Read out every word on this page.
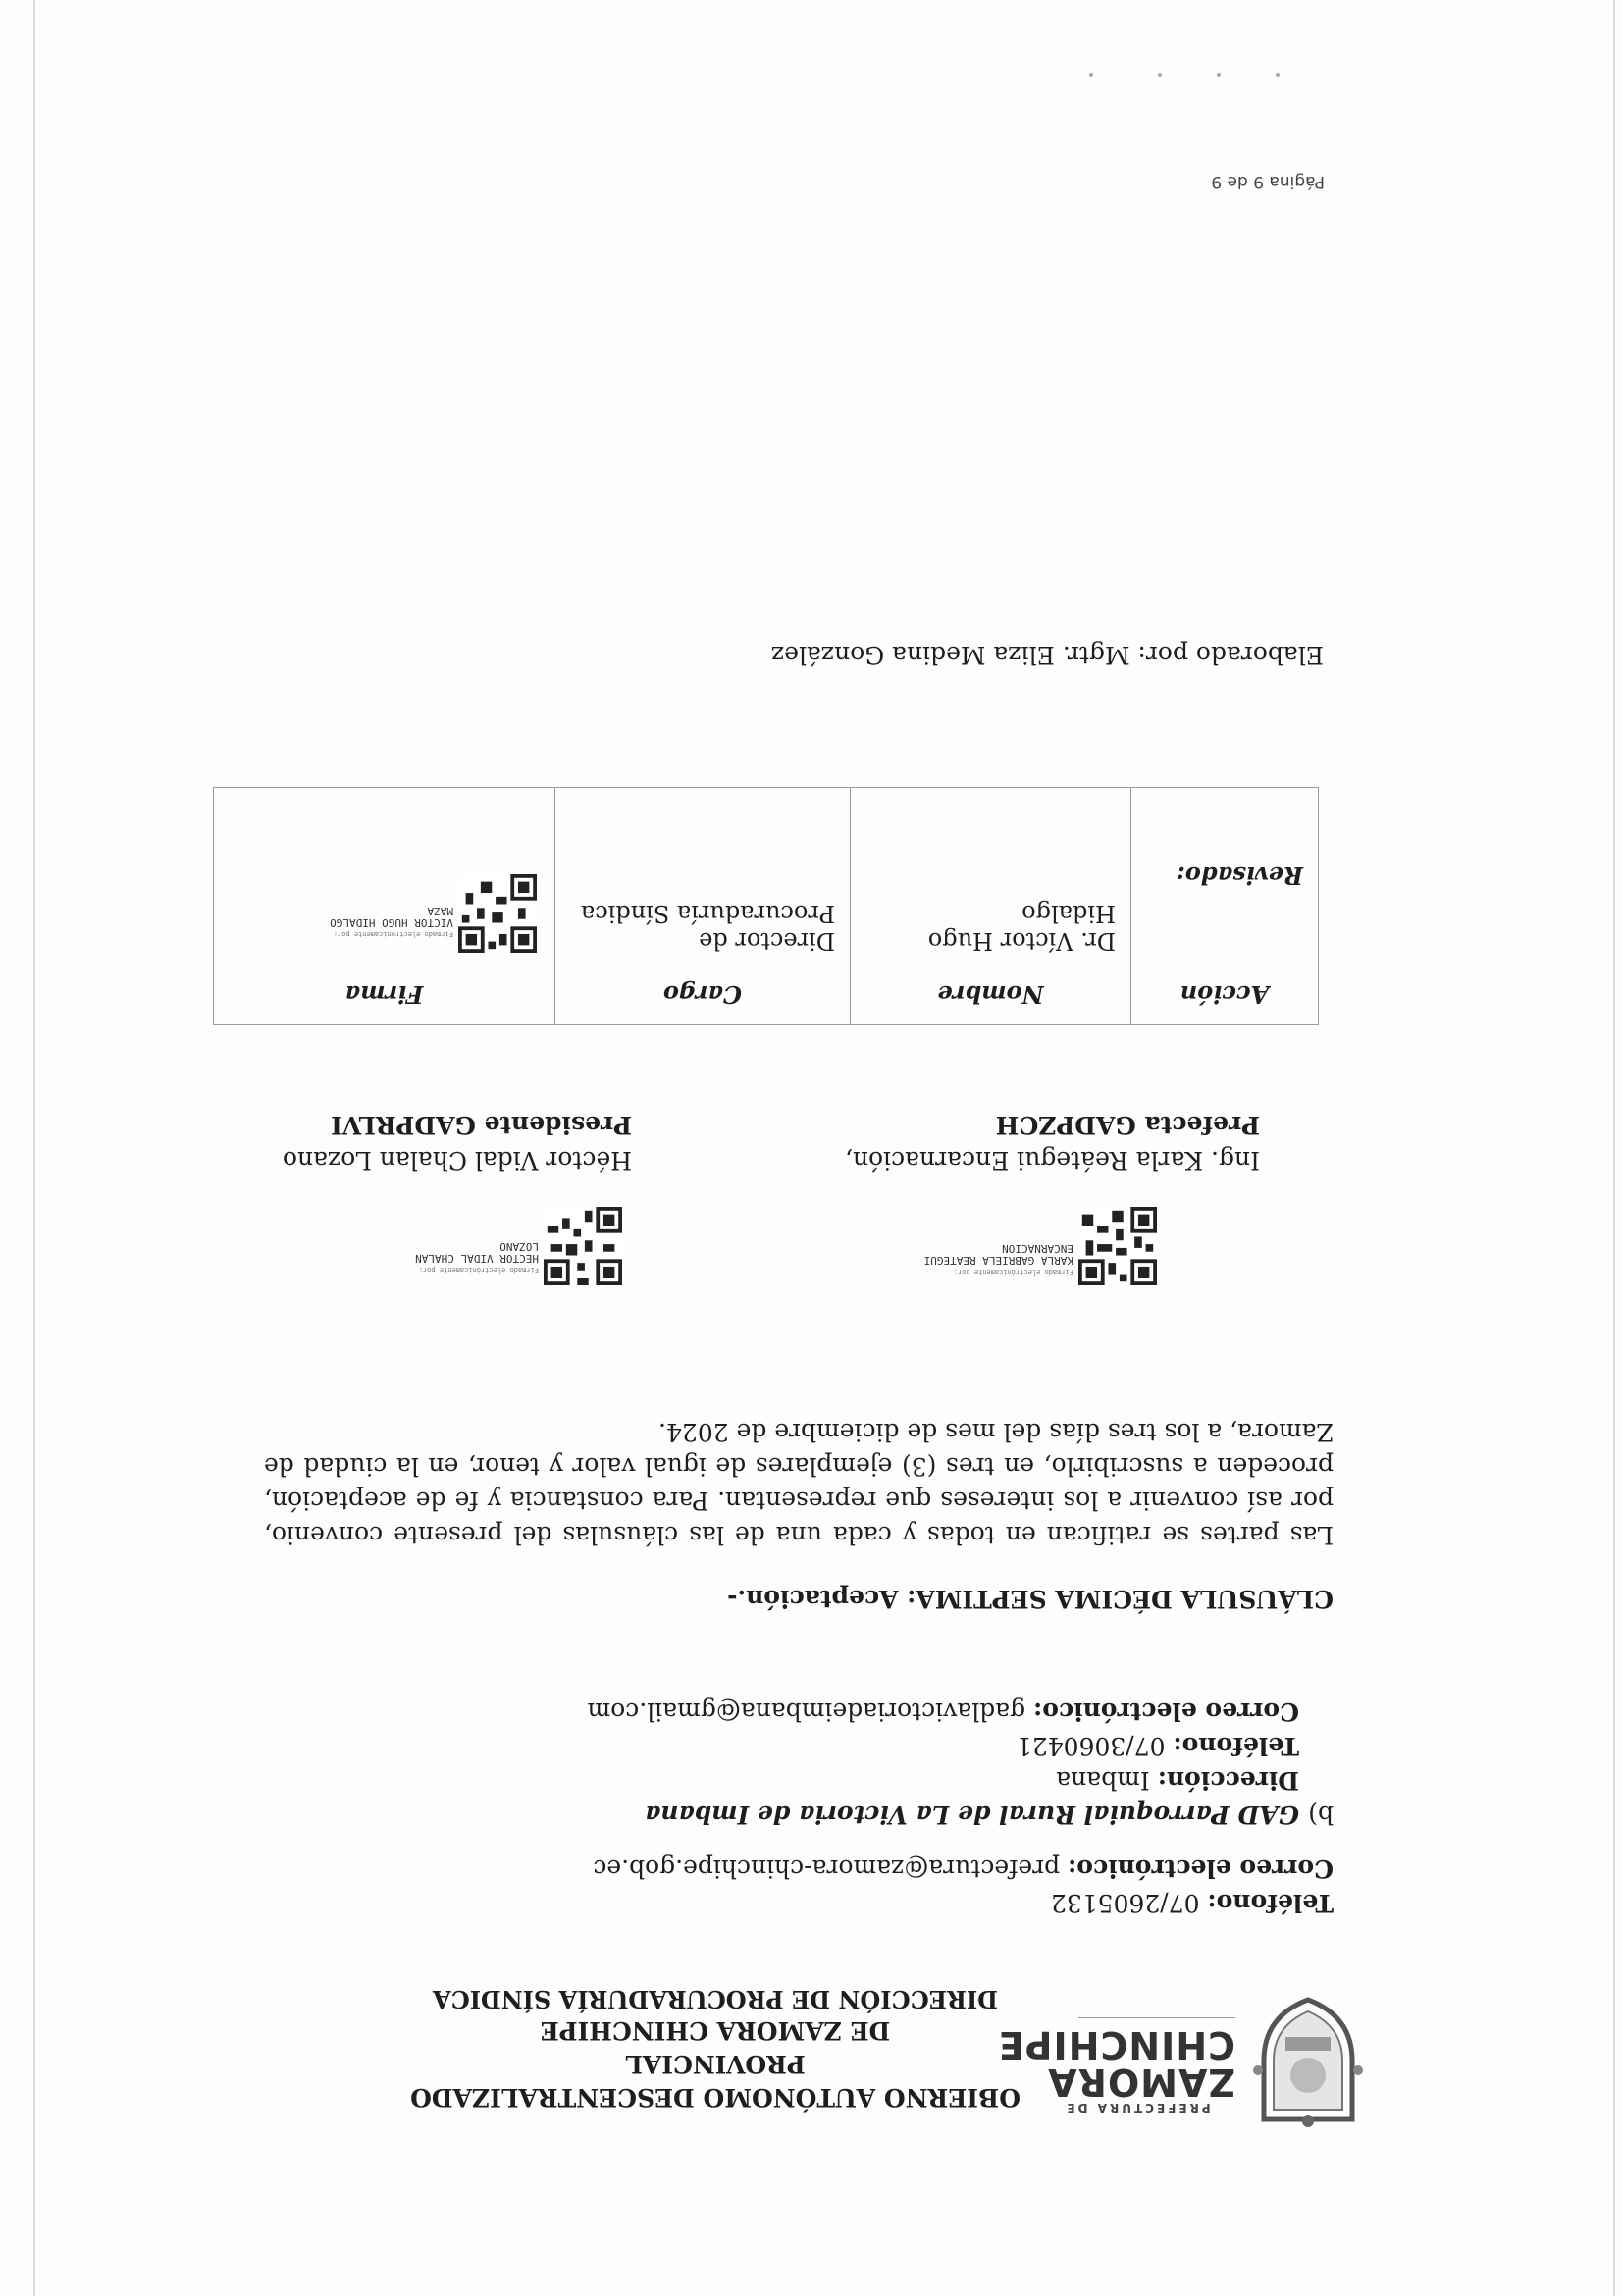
PREFECTURA DE
ZAMORA
CHINCHIPE
OBIERNO AUTÓNOMO DESCENTRALIZADO PROVINCIAL
DE ZAMORA CHINCHIPE
DIRECCIÓN DE PROCURADURÍA SÍNDICA
Teléfono: 07/2605132
Correo electrónico: prefectura@zamora-chinchipe.gob.ec
b)GAD Parroquial Rural de La Victoria de Imbana
Dirección: Imbana
Teléfono: 07/3060421
Correo electrónico: gadlavictoriadeimbana@gmail.com
CLÁUSULA DÉCIMA SEPTIMA: Aceptación.-
Las partes se ratifican en todas y cada una de las cláusulas del presente convenio, por así convenir a los intereses que representan. Para constancia y fe de aceptación, proceden a suscribirlo, en tres (3) ejemplares de igual valor y tenor, en la ciudad de Zamora, a los tres días del mes de diciembre de 2024.
Firmado electrónicamente por:
KARLA GABRIELA REATEGUI ENCARNACION
Ing. Karla Reátegui Encarnación,
Prefecta GADPZCH
Firmado electrónicamente por:
HECTOR VIDAL CHALAN LOZANO
Héctor Vidal Chalan Lozano
Presidente GADPRLVI
Acción	Nombre	Cargo	Firma
Revisado:	Dr. Víctor Hugo Hidalgo	Director de Procuraduría Síndica	Firmado electrónicamente por:
VICTOR HUGO HIDALGO MAZA
Elaborado por: Mgtr. Eliza Medina González
Página 9 de 9
